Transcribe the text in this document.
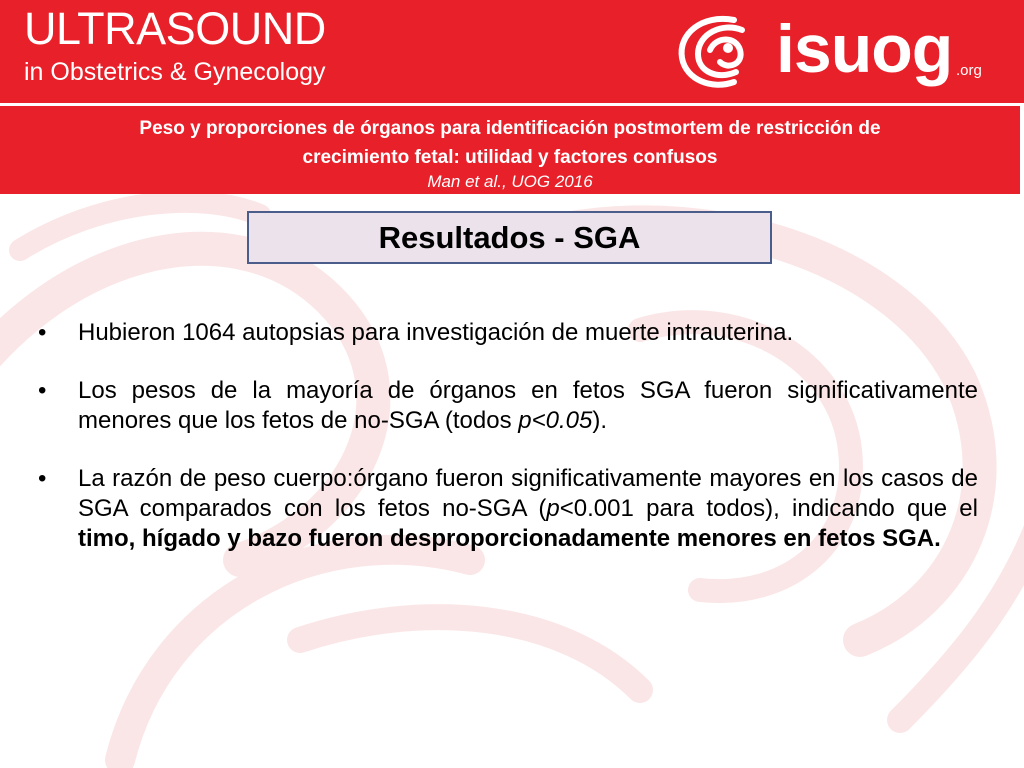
ULTRASOUND
in Obstetrics & Gynecology	isuog .org
Peso y proporciones de órganos para identificación postmortem de restricción de
crecimiento fetal: utilidad y factores confusos
Man et al., UOG 2016
Resultados - SGA
• Hubieron 1064 autopsias para investigación de muerte intrauterina.
• Los pesos de la mayoría de órganos en fetos SGA fueron significativamente menores que los fetos de no-SGA (todos p<0.05).
• La razón de peso cuerpo:órgano fueron significativamente mayores en los casos de SGA comparados con los fetos no-SGA (p<0.001 para todos), indicando que el timo, hígado y bazo fueron desproporcionadamente menores en fetos SGA.
